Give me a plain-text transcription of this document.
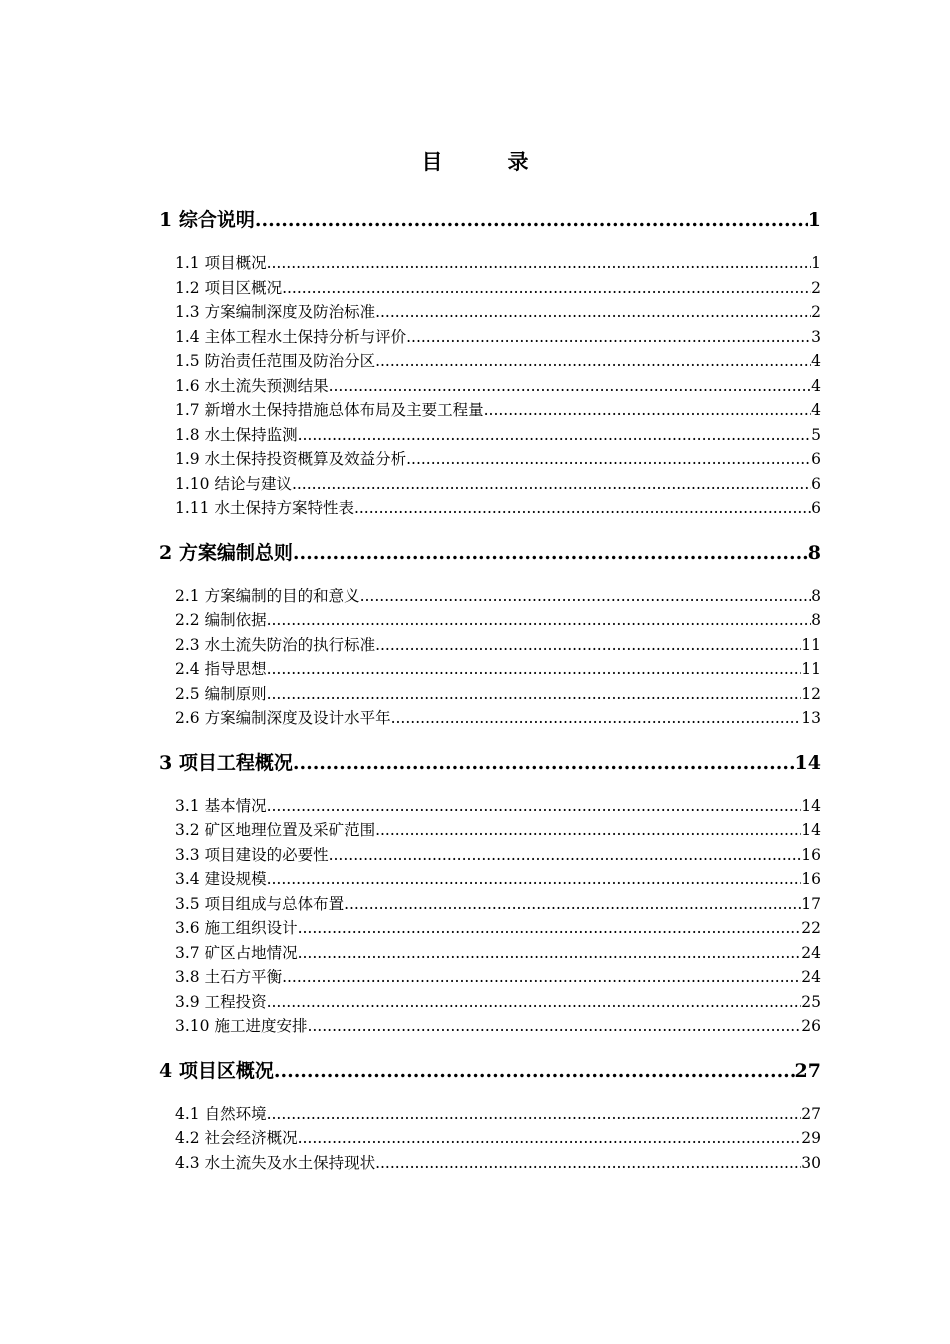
目　录
1 综合说明 .....	1
1.1 项目概况 .....	1
1.2 项目区概况 .....	2
1.3 方案编制深度及防治标准 .....	2
1.4 主体工程水土保持分析与评价 .....	3
1.5 防治责任范围及防治分区 .....	4
1.6 水土流失预测结果 .....	4
1.7 新增水土保持措施总体布局及主要工程量 .....	4
1.8 水土保持监测 .....	5
1.9 水土保持投资概算及效益分析 .....	6
1.10 结论与建议 .....	6
1.11 水土保持方案特性表 .....	6
2 方案编制总则 .....	8
2.1 方案编制的目的和意义 .....	8
2.2 编制依据 .....	8
2.3 水土流失防治的执行标准 .....	11
2.4 指导思想 .....	11
2.5 编制原则 .....	12
2.6 方案编制深度及设计水平年 .....	13
3 项目工程概况 .....	14
3.1 基本情况 .....	14
3.2 矿区地理位置及采矿范围 .....	14
3.3 项目建设的必要性 .....	16
3.4 建设规模 .....	16
3.5 项目组成与总体布置 .....	17
3.6 施工组织设计 .....	22
3.7 矿区占地情况 .....	24
3.8 土石方平衡 .....	24
3.9 工程投资 .....	25
3.10 施工进度安排 .....	26
4 项目区概况 .....	27
4.1 自然环境 .....	27
4.2 社会经济概况 .....	29
4.3 水土流失及水土保持现状 .....	30
